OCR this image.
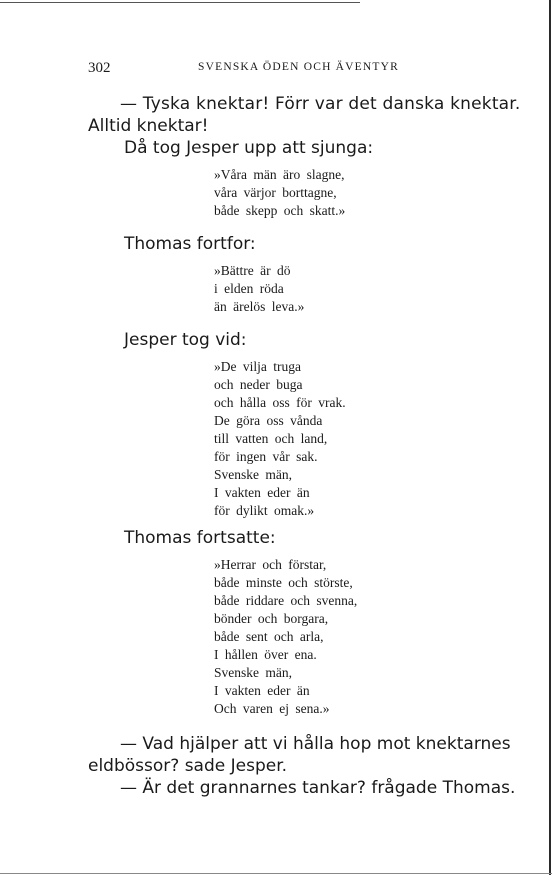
302	SVENSKA ÖDEN OCH ÄVENTYR
— Tyska knektar! Förr var det danska knektar.
Alltid knektar!
Då tog Jesper upp att sjunga:
»Våra män äro slagne,
våra värjor borttagne,
både skepp och skatt.»
Thomas fortfor:
»Bättre är dö
i elden röda
än ärelös leva.»
Jesper tog vid:
»De vilja truga
och neder buga
och hålla oss för vrak.
De göra oss vånda
till vatten och land,
för ingen vår sak.
Svenske män,
I vakten eder än
för dylikt omak.»
Thomas fortsatte:
»Herrar och förstar,
både minste och störste,
både riddare och svenna,
bönder och borgara,
både sent och arla,
I hållen över ena.
Svenske män,
I vakten eder än
Och varen ej sena.»
— Vad hjälper att vi hålla hop mot knektarnes
eldbössor? sade Jesper.
— Är det grannarnes tankar? frågade Thomas.
